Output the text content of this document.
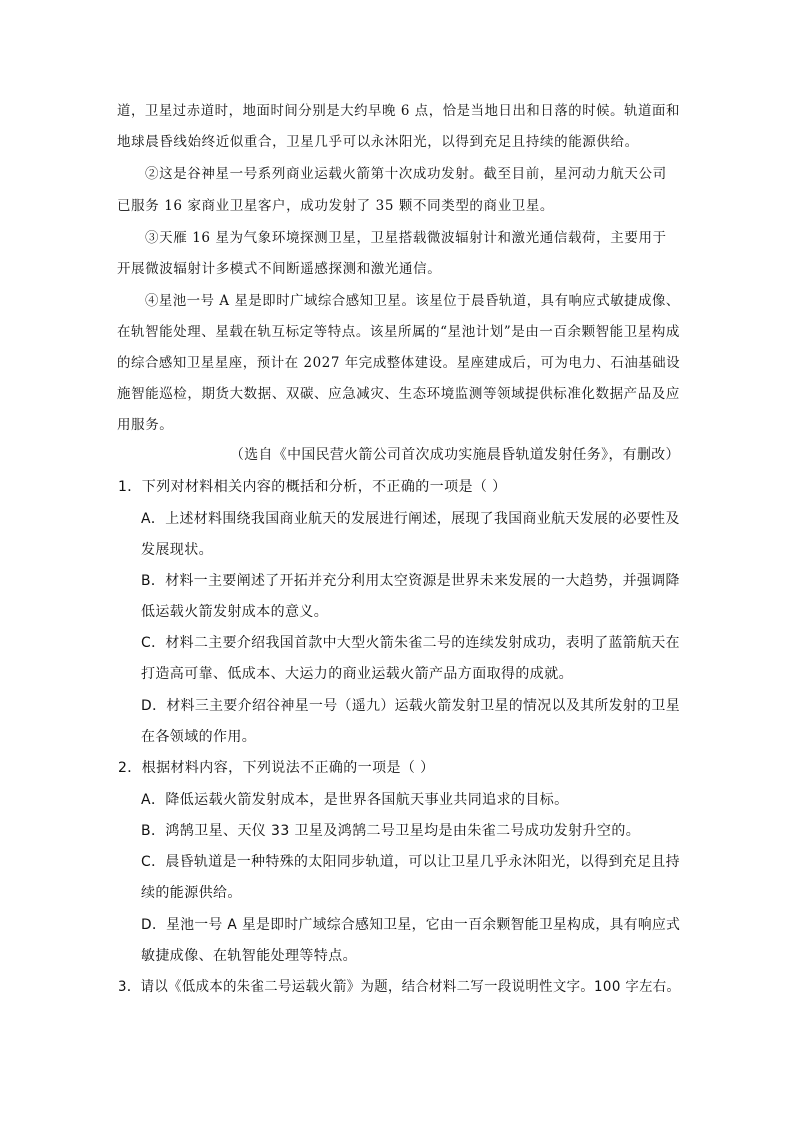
道，卫星过赤道时，地面时间分别是大约早晚 6 点，恰是当地日出和日落的时候。轨道面和
地球晨昏线始终近似重合，卫星几乎可以永沐阳光，以得到充足且持续的能源供给。
②这是谷神星一号系列商业运载火箭第十次成功发射。截至目前，星河动力航天公司
已服务 16 家商业卫星客户，成功发射了 35 颗不同类型的商业卫星。
③天雁 16 星为气象环境探测卫星，卫星搭载微波辐射计和激光通信载荷，主要用于
开展微波辐射计多模式不间断遥感探测和激光通信。
④星池一号 A 星是即时广域综合感知卫星。该星位于晨昏轨道，具有响应式敏捷成像、
在轨智能处理、星载在轨互标定等特点。该星所属的“星池计划”是由一百余颗智能卫星构成
的综合感知卫星星座，预计在 2027 年完成整体建设。星座建成后，可为电力、石油基础设
施智能巡检，期货大数据、双碳、应急减灾、生态环境监测等领域提供标准化数据产品及应
用服务。
（选自《中国民营火箭公司首次成功实施晨昏轨道发射任务》，有删改）
1．下列对材料相关内容的概括和分析，不正确的一项是（ ）
A．上述材料围绕我国商业航天的发展进行阐述，展现了我国商业航天发展的必要性及
发展现状。
B．材料一主要阐述了开拓并充分利用太空资源是世界未来发展的一大趋势，并强调降
低运载火箭发射成本的意义。
C．材料二主要介绍我国首款中大型火箭朱雀二号的连续发射成功，表明了蓝箭航天在
打造高可靠、低成本、大运力的商业运载火箭产品方面取得的成就。
D．材料三主要介绍谷神星一号（遥九）运载火箭发射卫星的情况以及其所发射的卫星
在各领域的作用。
2．根据材料内容，下列说法不正确的一项是（ ）
A．降低运载火箭发射成本，是世界各国航天事业共同追求的目标。
B．鸿鹄卫星、天仪 33 卫星及鸿鹄二号卫星均是由朱雀二号成功发射升空的。
C．晨昏轨道是一种特殊的太阳同步轨道，可以让卫星几乎永沐阳光，以得到充足且持
续的能源供给。
D．星池一号 A 星是即时广域综合感知卫星，它由一百余颗智能卫星构成，具有响应式
敏捷成像、在轨智能处理等特点。
3．请以《低成本的朱雀二号运载火箭》为题，结合材料二写一段说明性文字。100 字左右。
